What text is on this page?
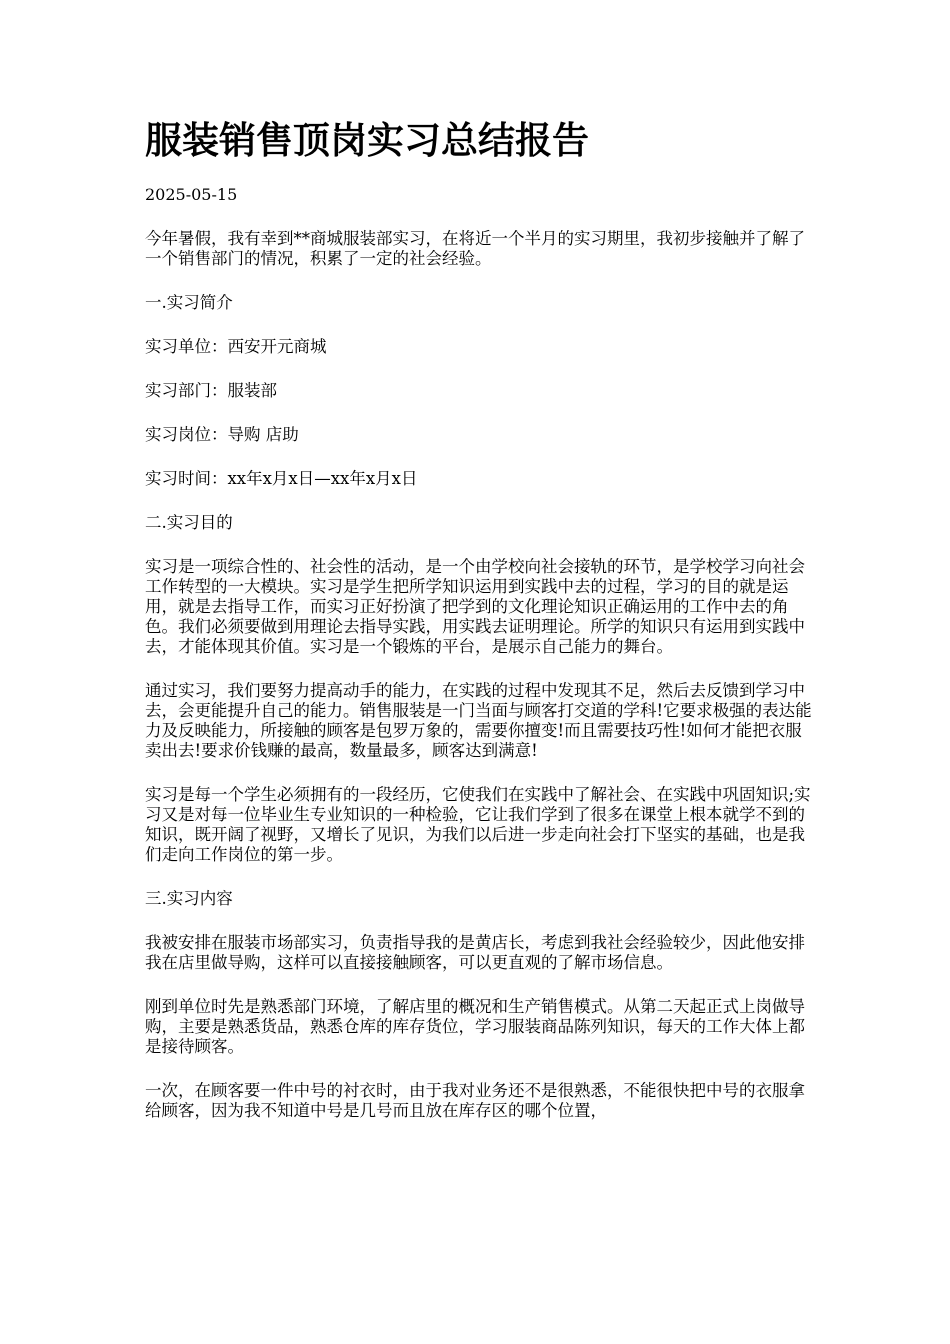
服装销售顶岗实习总结报告
2025-05-15

今年暑假，我有幸到**商城服装部实习，在将近一个半月的实习期里，我初步接触并了解了一个销售部门的情况，积累了一定的社会经验。

一.实习简介

实习单位：西安开元商城

实习部门：服装部

实习岗位：导购 店助

实习时间：xx年x月x日—xx年x月x日

二.实习目的

实习是一项综合性的、社会性的活动，是一个由学校向社会接轨的环节，是学校学习向社会工作转型的一大模块。实习是学生把所学知识运用到实践中去的过程，学习的目的就是运用，就是去指导工作，而实习正好扮演了把学到的文化理论知识正确运用的工作中去的角色。我们必须要做到用理论去指导实践，用实践去证明理论。所学的知识只有运用到实践中去，才能体现其价值。实习是一个锻炼的平台，是展示自己能力的舞台。

通过实习，我们要努力提高动手的能力，在实践的过程中发现其不足，然后去反馈到学习中去，会更能提升自己的能力。销售服装是一门当面与顾客打交道的学科!它要求极强的表达能力及反映能力，所接触的顾客是包罗万象的，需要你擅变!而且需要技巧性!如何才能把衣服卖出去!要求价钱赚的最高，数量最多，顾客达到满意!

实习是每一个学生必须拥有的一段经历，它使我们在实践中了解社会、在实践中巩固知识;实习又是对每一位毕业生专业知识的一种检验，它让我们学到了很多在课堂上根本就学不到的知识，既开阔了视野，又增长了见识，为我们以后进一步走向社会打下坚实的基础，也是我们走向工作岗位的第一步。

三.实习内容

我被安排在服装市场部实习，负责指导我的是黄店长，考虑到我社会经验较少，因此他安排我在店里做导购，这样可以直接接触顾客，可以更直观的了解市场信息。

刚到单位时先是熟悉部门环境，了解店里的概况和生产销售模式。从第二天起正式上岗做导购，主要是熟悉货品，熟悉仓库的库存货位，学习服装商品陈列知识，每天的工作大体上都是接待顾客。

一次，在顾客要一件中号的衬衣时，由于我对业务还不是很熟悉，不能很快把中号的衣服拿给顾客，因为我不知道中号是几号而且放在库存区的哪个位置，
